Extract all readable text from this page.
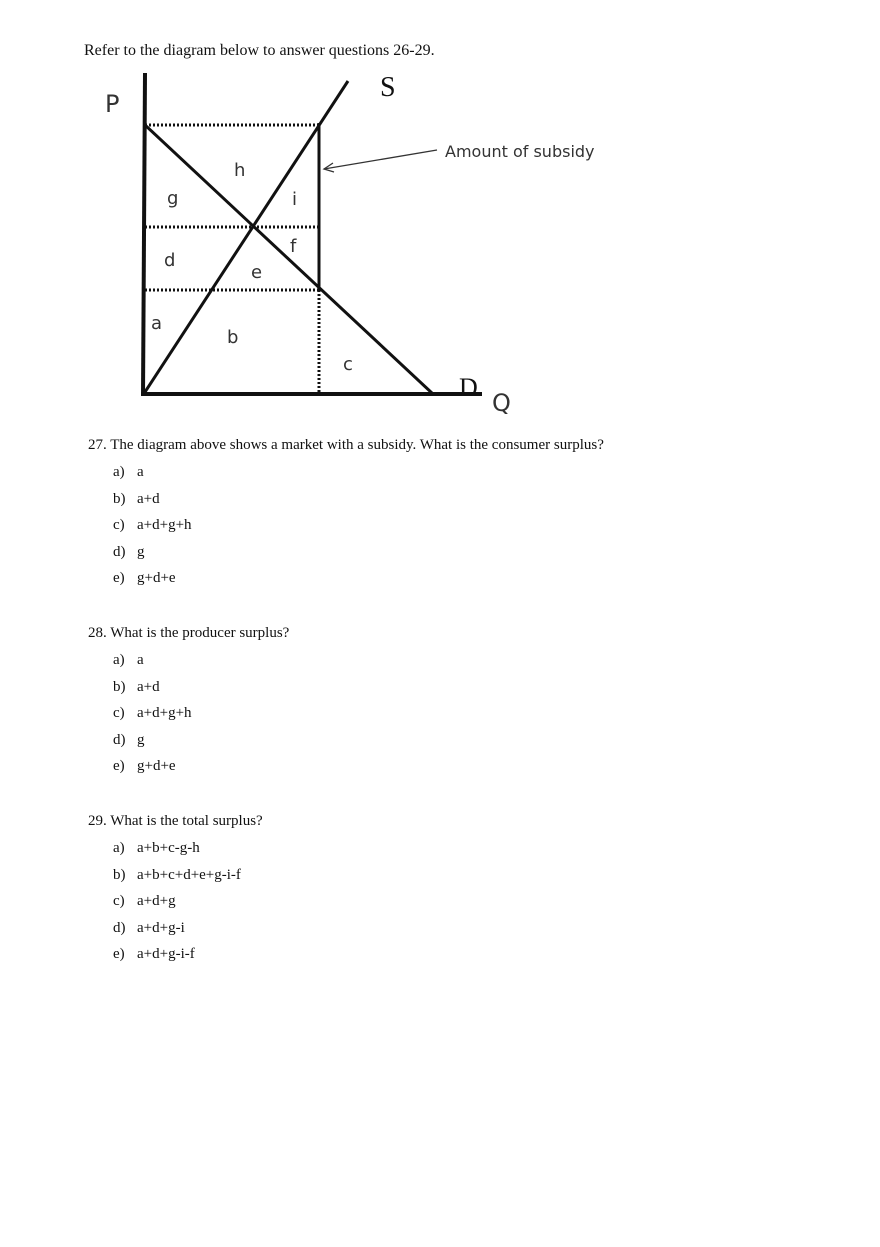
Refer to the diagram below to answer questions 26-29.
P
S
Amount of subsidy
D
Q
h
g	i
f
d
e
a
b
c

27. The diagram above shows a market with a subsidy. What is the consumer surplus?

a) a
b) a+d
c) a+d+g+h
d) g
e) g+d+e

28. What is the producer surplus?

a) a
b) a+d
c) a+d+g+h
d) g
e) g+d+e

29. What is the total surplus?

a) a+b+c-g-h
b) a+b+c+d+e+g-i-f
c) a+d+g
d) a+d+g-i
e) a+d+g-i-f
